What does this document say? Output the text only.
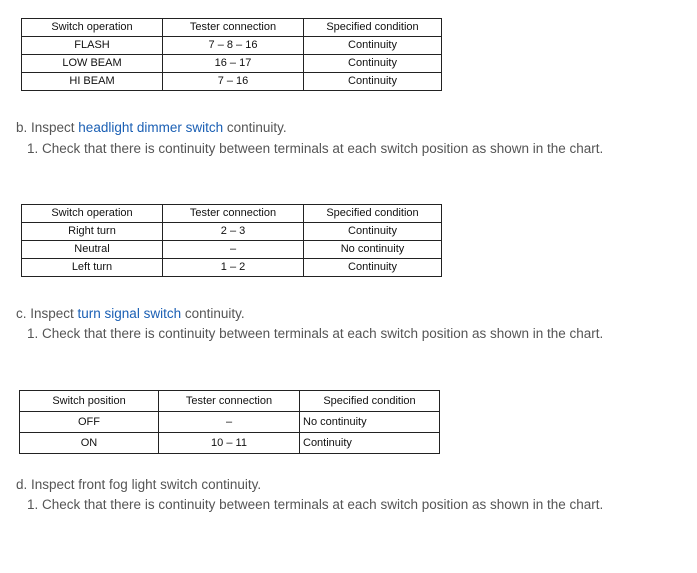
Switch operation	Tester connection	Specified condition
FLASH	7 – 8 – 16	Continuity
LOW BEAM	16 – 17	Continuity
HI BEAM	7 – 16	Continuity

b. Inspect headlight dimmer switch continuity.

1. Check that there is continuity between terminals at each switch position as shown in the chart.

Switch operation	Tester connection	Specified condition
Right turn	2 – 3	Continuity
Neutral	–	No continuity
Left turn	1 – 2	Continuity

c. Inspect turn signal switch continuity.

1. Check that there is continuity between terminals at each switch position as shown in the chart.

Switch position	Tester connection	Specified condition
OFF	–	No continuity
ON	10 – 11	Continuity

d. Inspect front fog light switch continuity.

1. Check that there is continuity between terminals at each switch position as shown in the chart.
